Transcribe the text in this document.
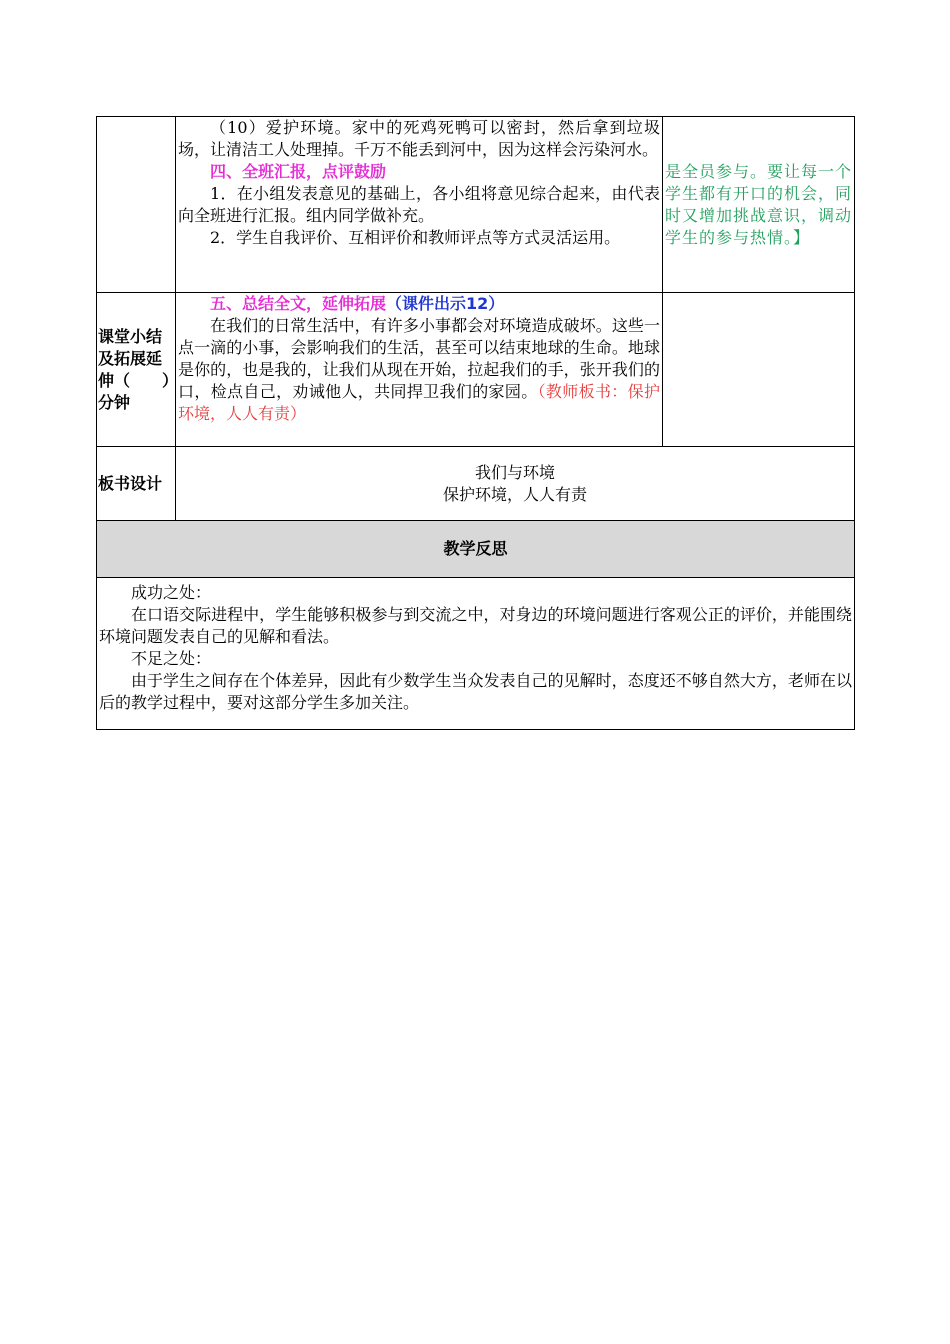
	（10）爱护环境。家中的死鸡死鸭可以密封，然后拿到垃圾场，让清洁工人处理掉。千万不能丢到河中，因为这样会污染河水。

四、全班汇报，点评鼓励

1．在小组发表意见的基础上，各小组将意见综合起来，由代表向全班进行汇报。组内同学做补充。

2．学生自我评价、互相评价和教师评点等方式灵活运用。	是全员参与。要让每一个学生都有开口的机会，同时又增加挑战意识，调动学生的参与热情。】
课堂小结及拓展延伸（　　）分钟	五、总结全文，延伸拓展（课件出示12）

在我们的日常生活中，有许多小事都会对环境造成破坏。这些一点一滴的小事，会影响我们的生活，甚至可以结束地球的生命。地球是你的，也是我的，让我们从现在开始，拉起我们的手，张开我们的口，检点自己，劝诫他人，共同捍卫我们的家园。（教师板书：保护环境，人人有责）	

板书设计	我们与环境
保护环境，人人有责	

教学反思		

成功之处：

在口语交际进程中，学生能够积极参与到交流之中，对身边的环境问题进行客观公正的评价，并能围绕环境问题发表自己的见解和看法。

不足之处：

由于学生之间存在个体差异，因此有少数学生当众发表自己的见解时，态度还不够自然大方，老师在以后的教学过程中，要对这部分学生多加关注。		
